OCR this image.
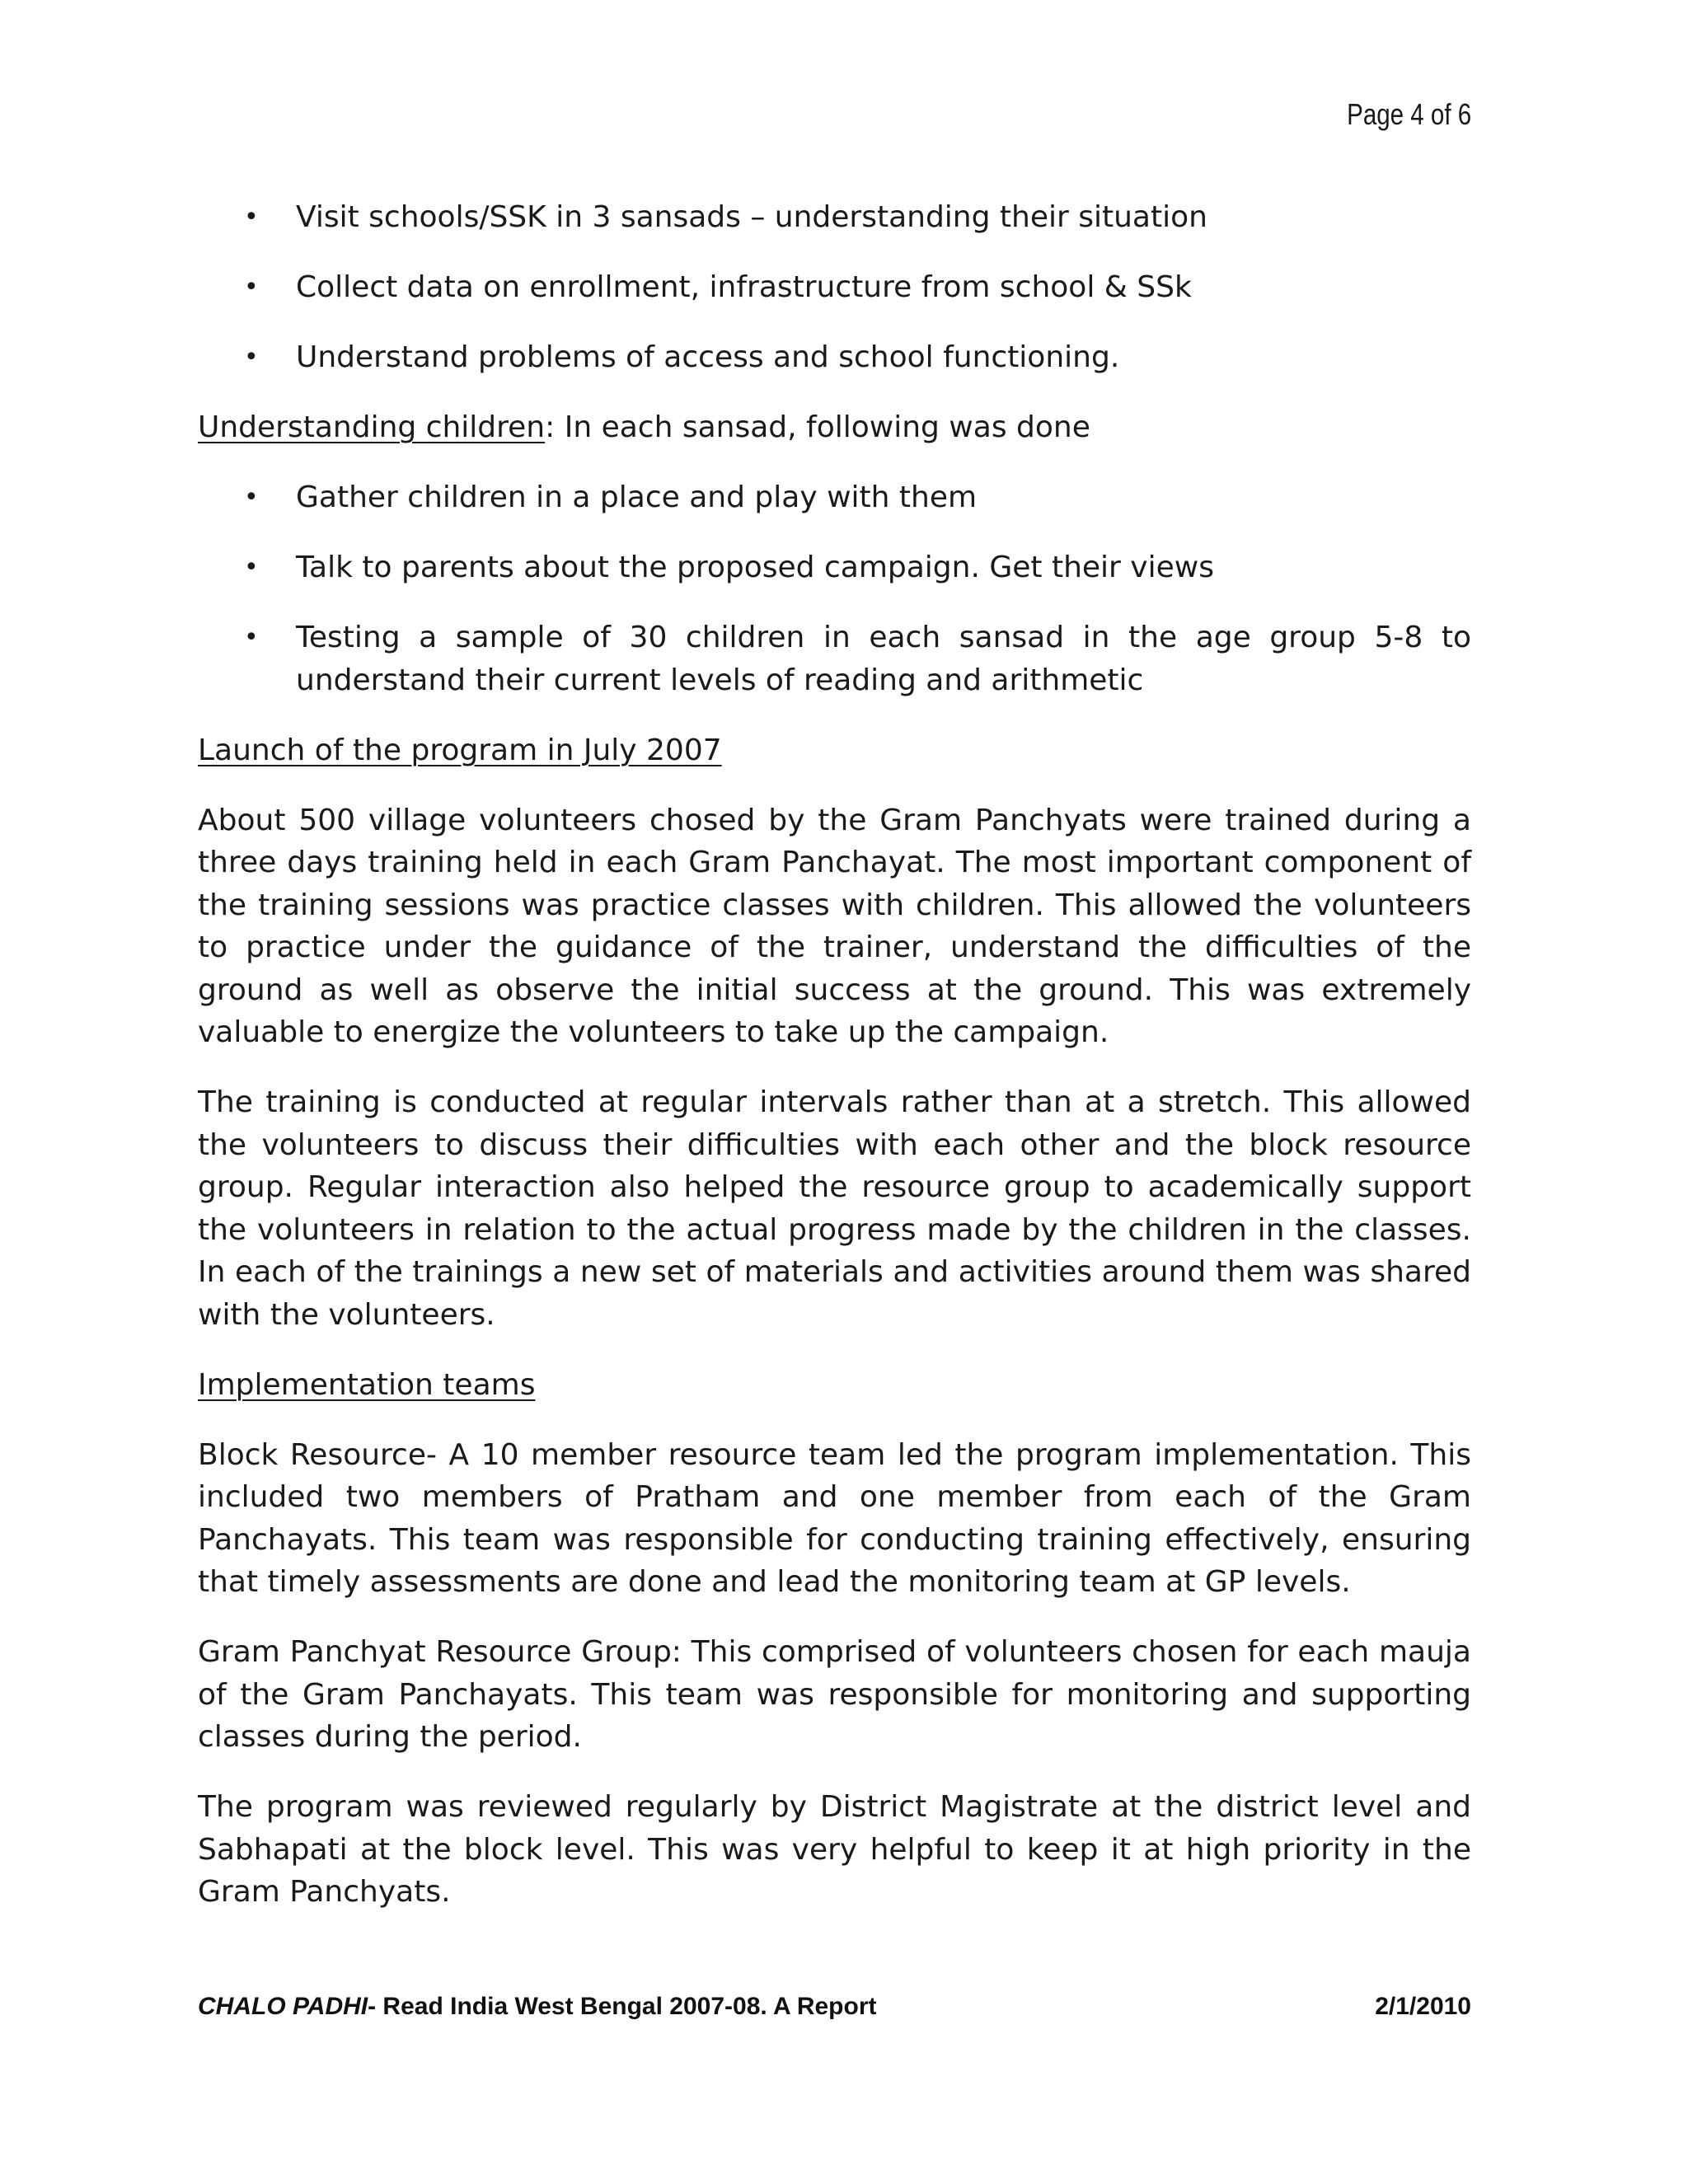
Page 4 of 6
• Visit schools/SSK in 3 sansads – understanding their situation
• Collect data on enrollment, infrastructure from school & SSk
• Understand problems of access and school functioning.

Understanding children: In each sansad, following was done

• Gather children in a place and play with them
• Talk to parents about the proposed campaign. Get their views
• Testing a sample of 30 children in each sansad in the age group 5-8 to understand their current levels of reading and arithmetic

Launch of the program in July 2007

About 500 village volunteers chosed by the Gram Panchyats were trained during a three days training held in each Gram Panchayat. The most important component of the training sessions was practice classes with children. This allowed the volunteers to practice under the guidance of the trainer, understand the difficulties of the ground as well as observe the initial success at the ground. This was extremely valuable to energize the volunteers to take up the campaign.

The training is conducted at regular intervals rather than at a stretch. This allowed the volunteers to discuss their difficulties with each other and the block resource group. Regular interaction also helped the resource group to academically support the volunteers in relation to the actual progress made by the children in the classes. In each of the trainings a new set of materials and activities around them was shared with the volunteers.

Implementation teams

Block Resource- A 10 member resource team led the program implementation. This included two members of Pratham and one member from each of the Gram Panchayats. This team was responsible for conducting training effectively, ensuring that timely assessments are done and lead the monitoring team at GP levels.

Gram Panchyat Resource Group: This comprised of volunteers chosen for each mauja of the Gram Panchayats. This team was responsible for monitoring and supporting classes during the period.

The program was reviewed regularly by District Magistrate at the district level and Sabhapati at the block level. This was very helpful to keep it at high priority in the Gram Panchyats.

CHALO PADHI- Read India West Bengal 2007-08. A Report	2/1/2010
